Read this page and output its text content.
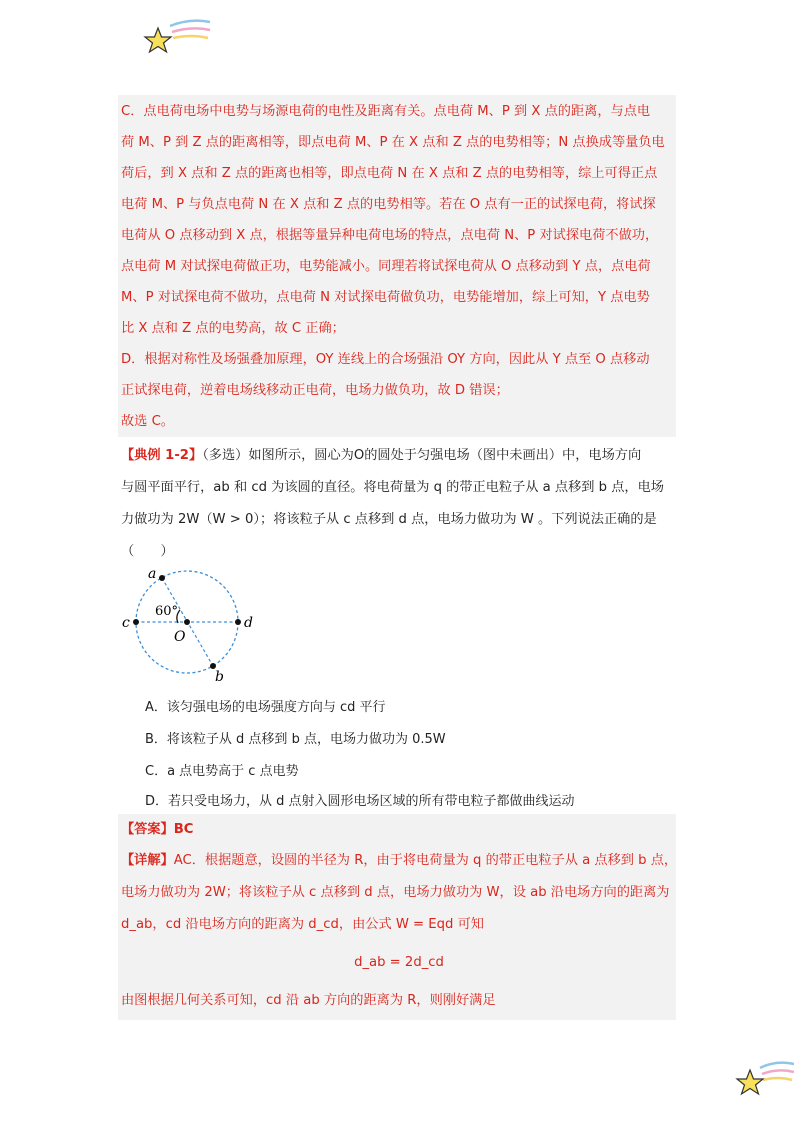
C．点电荷电场中电势与场源电荷的电性及距离有关。点电荷 M、P 到 X 点的距离，与点电
荷 M、P 到 Z 点的距离相等，即点电荷 M、P 在 X 点和 Z 点的电势相等；N 点换成等量负电
荷后，到 X 点和 Z 点的距离也相等，即点电荷 N 在 X 点和 Z 点的电势相等，综上可得正点
电荷 M、P 与负点电荷 N 在 X 点和 Z 点的电势相等。若在 O 点有一正的试探电荷，将试探
电荷从 O 点移动到 X 点，根据等量异种电荷电场的特点，点电荷 N、P 对试探电荷不做功，
点电荷 M 对试探电荷做正功，电势能减小。同理若将试探电荷从 O 点移动到 Y 点，点电荷
M、P 对试探电荷不做功，点电荷 N 对试探电荷做负功，电势能增加，综上可知，Y 点电势
比 X 点和 Z 点的电势高，故 C 正确；
D．根据对称性及场强叠加原理，OY 连线上的合场强沿 OY 方向，因此从 Y 点至 O 点移动
正试探电荷，逆着电场线移动正电荷，电场力做负功，故 D 错误；
故选 C。
【典例 1-2】（多选）如图所示，圆心为O的圆处于匀强电场（图中未画出）中，电场方向
与圆平面平行，ab 和 cd 为该圆的直径。将电荷量为 q 的带正电粒子从 a 点移到 b 点，电场
力做功为 2W（W > 0）；将该粒子从 c 点移到 d 点，电场力做功为 W 。下列说法正确的是
（　　）
a
b
c	d
O
60°
A．该匀强电场的电场强度方向与 cd 平行
B．将该粒子从 d 点移到 b 点，电场力做功为 0.5W
C．a 点电势高于 c 点电势
D．若只受电场力，从 d 点射入圆形电场区域的所有带电粒子都做曲线运动
【答案】BC
【详解】AC．根据题意，设圆的半径为 R，由于将电荷量为 q 的带正电粒子从 a 点移到 b 点，
电场力做功为 2W；将该粒子从 c 点移到 d 点，电场力做功为 W，设 ab 沿电场方向的距离为
d_ab，cd 沿电场方向的距离为 d_cd，由公式 W = Eqd 可知
d_ab = 2d_cd
由图根据几何关系可知，cd 沿 ab 方向的距离为 R，则刚好满足
